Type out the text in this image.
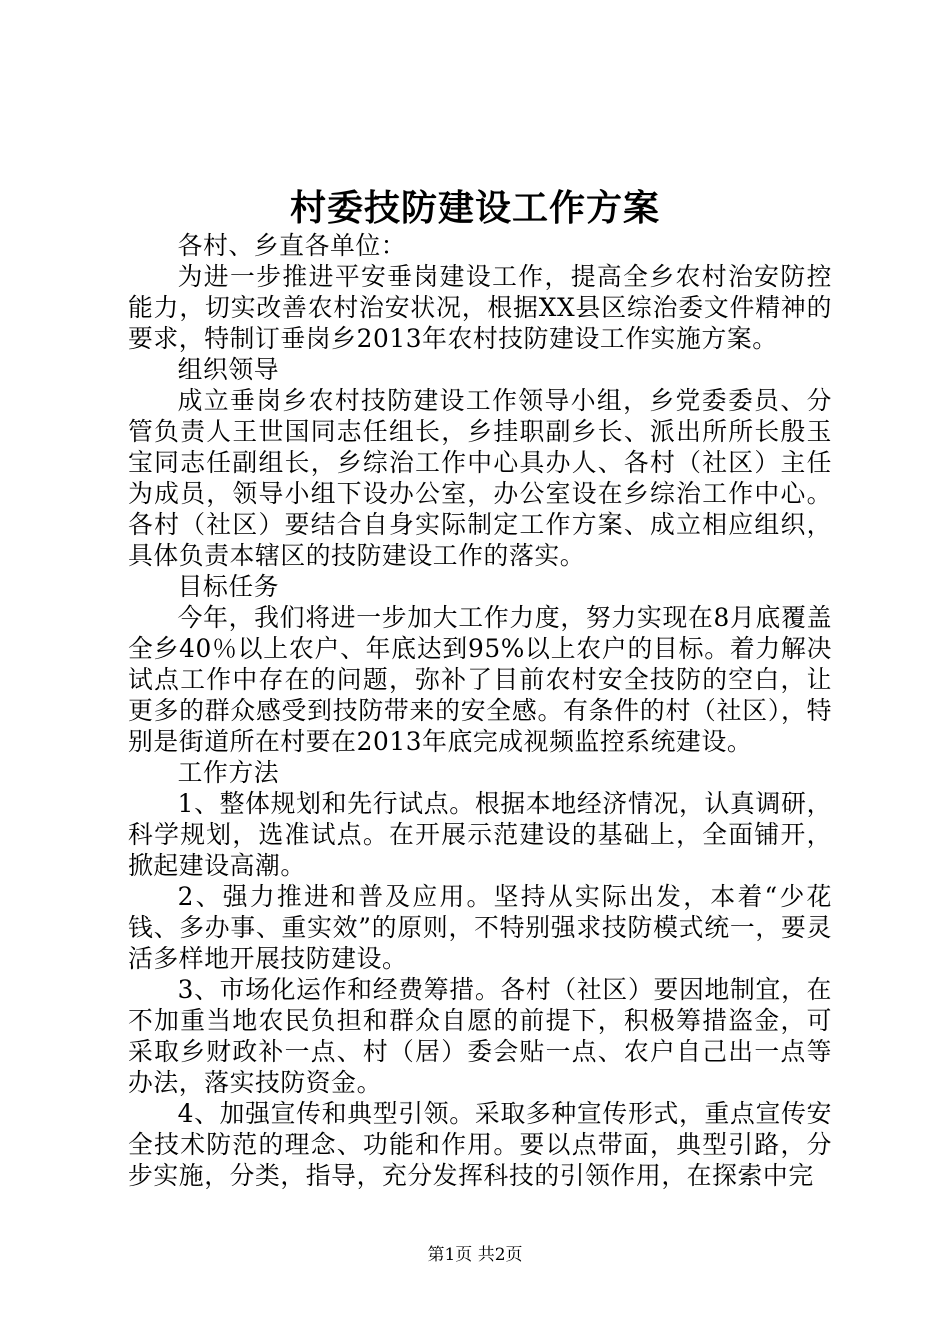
村委技防建设工作方案

各村、乡直各单位：

为进一步推进平安垂岗建设工作，提高全乡农村治安防控能力，切实改善农村治安状况，根据XX县区综治委文件精神的要求，特制订垂岗乡2013年农村技防建设工作实施方案。

组织领导

成立垂岗乡农村技防建设工作领导小组，乡党委委员、分管负责人王世国同志任组长，乡挂职副乡长、派出所所长殷玉宝同志任副组长，乡综治工作中心具办人、各村（社区）主任为成员，领导小组下设办公室，办公室设在乡综治工作中心。各村（社区）要结合自身实际制定工作方案、成立相应组织，具体负责本辖区的技防建设工作的落实。

目标任务

今年，我们将进一步加大工作力度，努力实现在8月底覆盖全乡40％以上农户、年底达到95%以上农户的目标。着力解决试点工作中存在的问题，弥补了目前农村安全技防的空白，让更多的群众感受到技防带来的安全感。有条件的村（社区），特别是街道所在村要在2013年底完成视频监控系统建设。

工作方法

1、整体规划和先行试点。根据本地经济情况，认真调研，科学规划，选准试点。在开展示范建设的基础上，全面铺开，掀起建设高潮。

2、强力推进和普及应用。坚持从实际出发，本着“少花钱、多办事、重实效”的原则，不特别强求技防模式统一，要灵活多样地开展技防建设。

3、市场化运作和经费筹措。各村（社区）要因地制宜，在不加重当地农民负担和群众自愿的前提下，积极筹措盗金，可采取乡财政补一点、村（居）委会贴一点、农户自己出一点等办法，落实技防资金。

4、加强宣传和典型引领。采取多种宣传形式，重点宣传安全技术防范的理念、功能和作用。要以点带面，典型引路，分步实施，分类，指导，充分发挥科技的引领作用，在探索中完

第1页 共2页
